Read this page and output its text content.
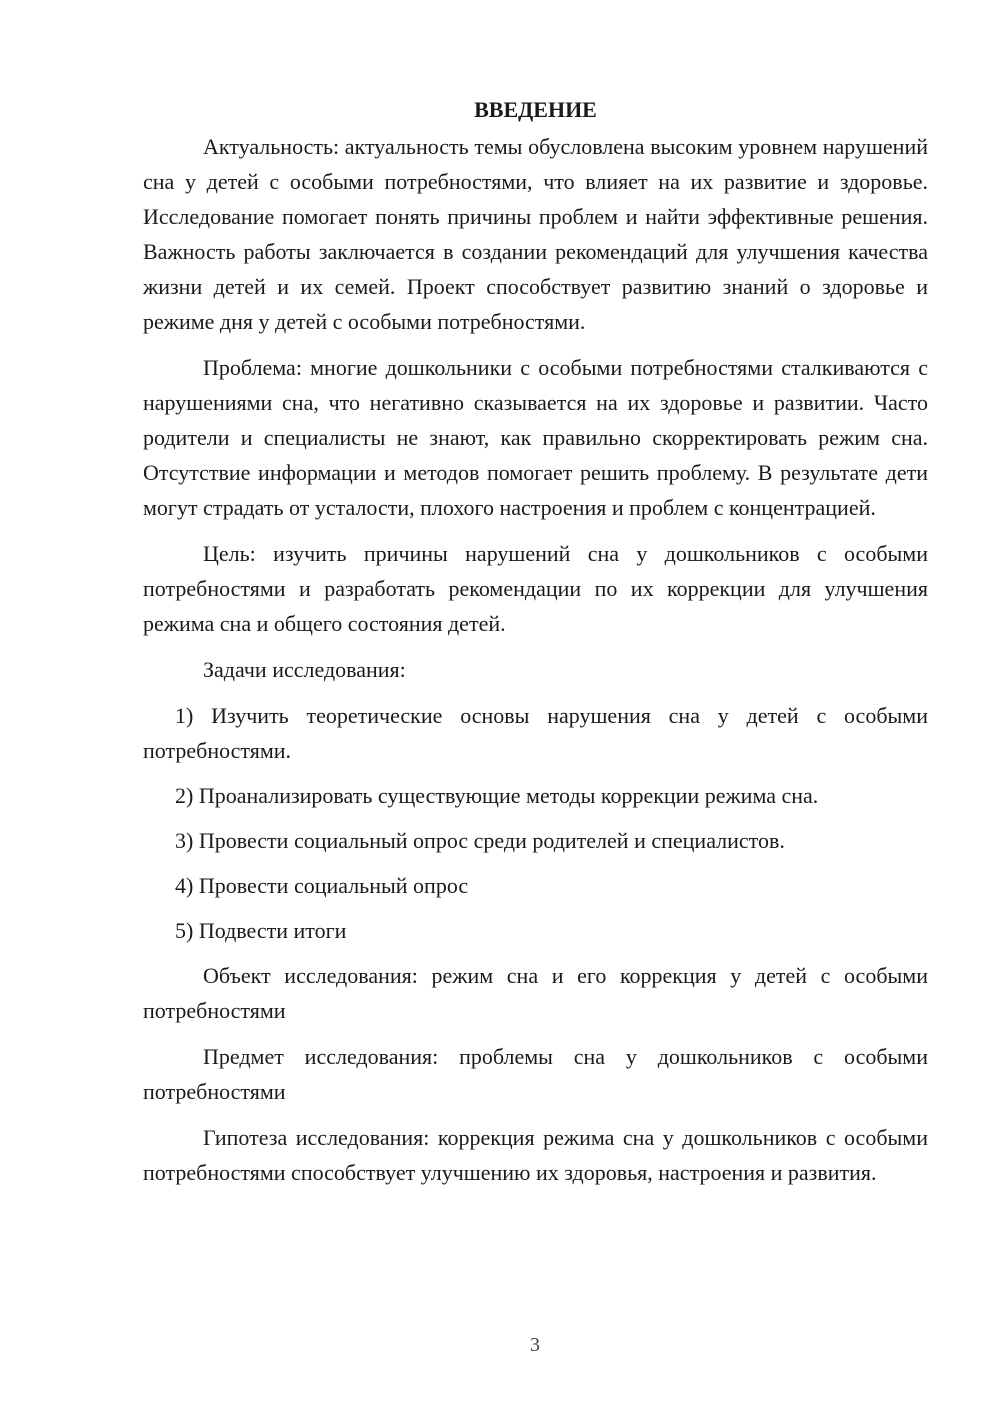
ВВЕДЕНИЕ

Актуальность: актуальность темы обусловлена высоким уровнем нарушений сна у детей с особыми потребностями, что влияет на их развитие и здоровье. Исследование помогает понять причины проблем и найти эффективные решения. Важность работы заключается в создании рекомендаций для улучшения качества жизни детей и их семей. Проект способствует развитию знаний о здоровье и режиме дня у детей с особыми потребностями.

Проблема: многие дошкольники с особыми потребностями сталкиваются с нарушениями сна, что негативно сказывается на их здоровье и развитии. Часто родители и специалисты не знают, как правильно скорректировать режим сна. Отсутствие информации и методов помогает решить проблему. В результате дети могут страдать от усталости, плохого настроения и проблем с концентрацией.

Цель: изучить причины нарушений сна у дошкольников с особыми потребностями и разработать рекомендации по их коррекции для улучшения режима сна и общего состояния детей.

Задачи исследования:

1) Изучить теоретические основы нарушения сна у детей с особыми потребностями.

2) Проанализировать существующие методы коррекции режима сна.

3) Провести социальный опрос среди родителей и специалистов.

4) Провести социальный опрос

5) Подвести итоги

Объект исследования: режим сна и его коррекция у детей с особыми потребностями

Предмет исследования: проблемы сна у дошкольников с особыми потребностями

Гипотеза исследования: коррекция режима сна у дошкольников с особыми потребностями способствует улучшению их здоровья, настроения и развития.

3
